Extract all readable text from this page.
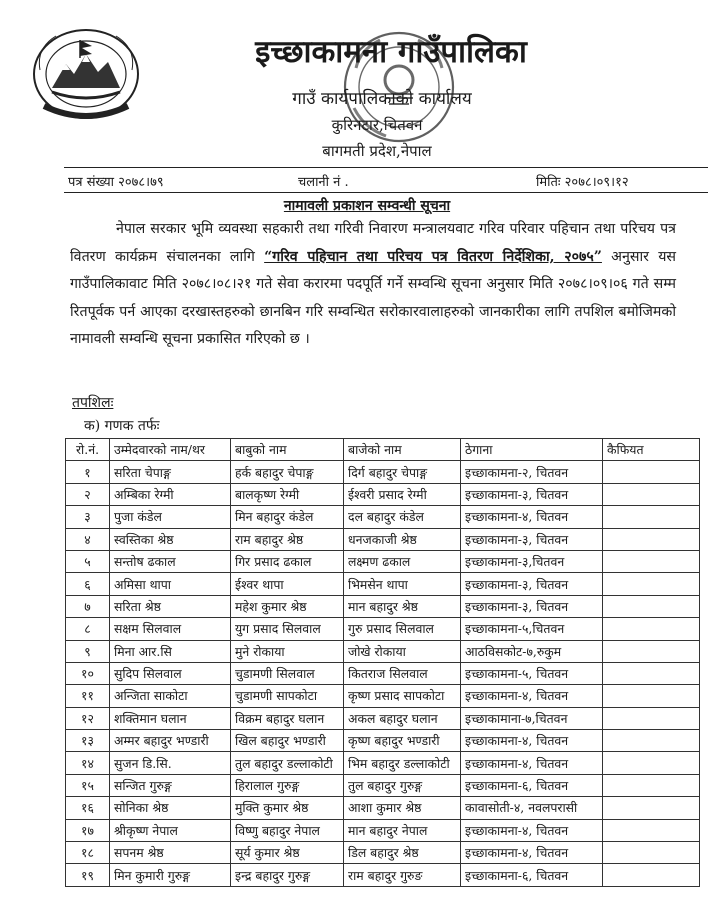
इच्छाकामना गाउँपालिका
गाउँ कार्यपालिकाको कार्यालय
कुरिनटार,चितवन
बागमती प्रदेश,नेपाल
पत्र संख्या २०७८।७९	चलानी नं .	मितिः २०७८।०९।१२
नामावली प्रकाशन सम्वन्धी सूचना
नेपाल सरकार भूमि व्यवस्था सहकारी तथा गरिवी निवारण मन्त्रालयवाट गरिव परिवार पहिचान तथा परिचय पत्र वितरण कार्यक्रम संचालनका लागि “गरिव पहिचान तथा परिचय पत्र वितरण निर्देशिका, २०७५” अनुसार यस गाउँपालिकावाट मिति २०७८।०८।२१ गते सेवा करारमा पदपूर्ति गर्ने सम्वन्धि सूचना अनुसार मिति २०७८।०९।०६ गते सम्म रितपूर्वक पर्न आएका दरखास्तहरुको छानबिन गरि सम्वन्धित सरोकारवालाहरुको जानकारीका लागि तपशिल बमोजिमको नामावली सम्वन्धि सूचना प्रकासित गरिएको छ ।
तपशिलः
क) गणक तर्फः
रो.नं.	उम्मेदवारको नाम/थर	बाबुको नाम	बाजेको नाम	ठेगाना	कैफियत
१	सरिता चेपाङ्ग	हर्क बहादुर चेपाङ्ग	दिर्ग बहादुर चेपाङ्ग	इच्छाकामना-२, चितवन	
२	अम्बिका रेग्मी	बालकृष्ण रेग्मी	ईश्वरी प्रसाद रेग्मी	इच्छाकामना-३, चितवन	
३	पुजा कंडेल	मिन बहादुर कंडेल	दल बहादुर कंडेल	इच्छाकामना-४, चितवन	
४	स्वस्तिका श्रेष्ठ	राम बहादुर श्रेष्ठ	धनजकाजी श्रेष्ठ	इच्छाकामना-३, चितवन	
५	सन्तोष ढकाल	गिर प्रसाद ढकाल	लक्ष्मण ढकाल	इच्छाकामना-३,चितवन	
६	अमिसा थापा	ईश्वर थापा	भिमसेन थापा	इच्छाकामना-३, चितवन	
७	सरिता श्रेष्ठ	महेश कुमार श्रेष्ठ	मान बहादुर श्रेष्ठ	इच्छाकामना-३, चितवन	
८	सक्षम सिलवाल	युग प्रसाद सिलवाल	गुरु प्रसाद सिलवाल	इच्छाकामना-५,चितवन	
९	मिना आर.सि	मुने रोकाया	जोखे रोकाया	आठविसकोट-७,रुकुम	
१०	सुदिप सिलवाल	चुडामणी सिलवाल	कितराज सिलवाल	इच्छाकामना-५, चितवन	
११	अन्जिता साकोटा	चुडामणी सापकोटा	कृष्ण प्रसाद सापकोटा	इच्छाकामना-४, चितवन	
१२	शक्तिमान घलान	विक्रम बहादुर घलान	अकल बहादुर घलान	इच्छाकामाना-७,चितवन	
१३	अम्मर बहादुर भण्डारी	खिल बहादुर भण्डारी	कृष्ण बहादुर भण्डारी	इच्छाकामना-४, चितवन	
१४	सुजन डि.सि.	तुल बहादुर डल्लाकोटी	भिम बहादुर डल्लाकोटी	इच्छाकामना-४, चितवन	
१५	सन्जित गुरुङ्ग	हिरालाल गुरुङ्ग	तुल बहादुर गुरुङ्ग	इच्छाकामना-६, चितवन	
१६	सोनिका श्रेष्ठ	मुक्ति कुमार श्रेष्ठ	आशा कुमार श्रेष्ठ	कावासोती-४, नवलपरासी	
१७	श्रीकृष्ण नेपाल	विष्णु बहादुर नेपाल	मान बहादुर नेपाल	इच्छाकामना-४, चितवन	
१८	सपनम श्रेष्ठ	सूर्य कुमार श्रेष्ठ	डिल बहादुर श्रेष्ठ	इच्छाकामना-४, चितवन	
१९	मिन कुमारी गुरुङ्ग	इन्द्र बहादुर गुरुङ्ग	राम बहादुर गुरुङ	इच्छाकामना-६, चितवन	
